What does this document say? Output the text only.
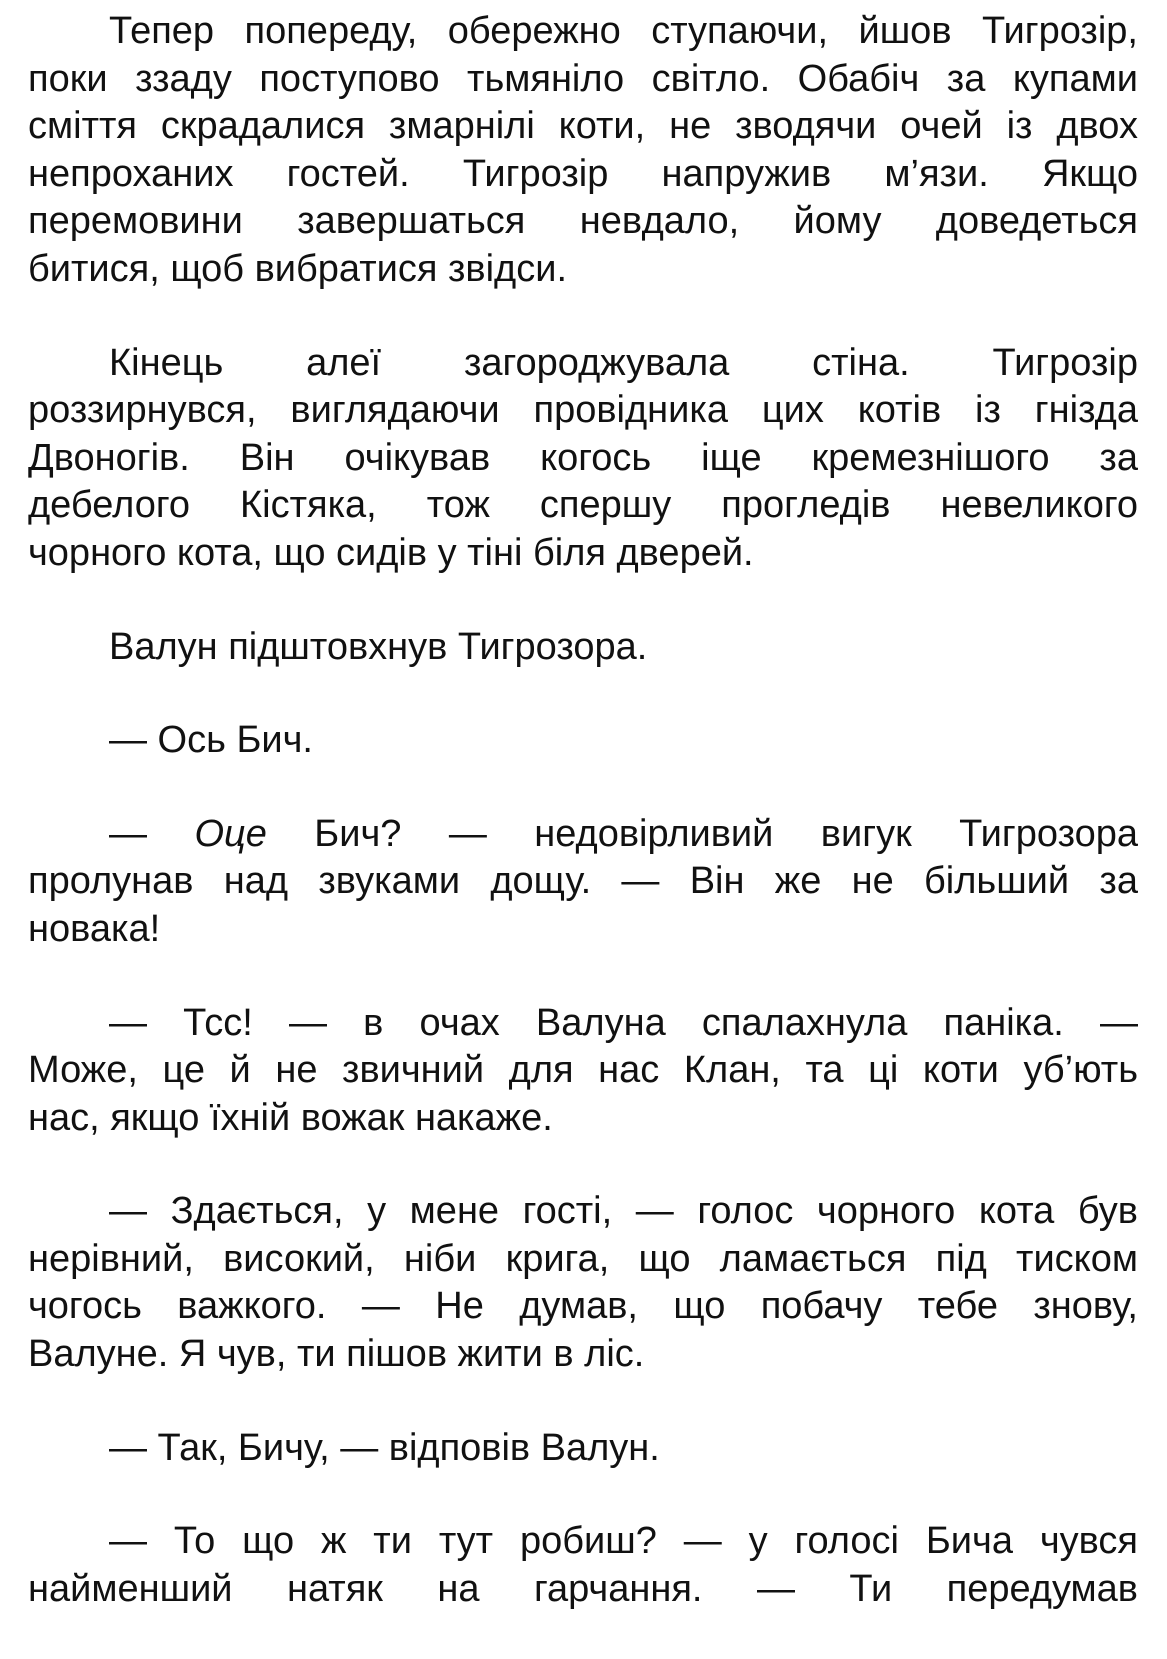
Тепер попереду, обережно ступаючи, йшов Тигрозір,
поки ззаду поступово тьмяніло світло. Обабіч за купами
сміття скрадалися змарнілі коти, не зводячи очей із двох
непроханих гостей. Тигрозір напружив м’язи. Якщо
перемовини завершаться невдало, йому доведеться
битися, щоб вибратися звідси.
Кінець алеї загороджувала стіна. Тигрозір
роззирнувся, виглядаючи провідника цих котів із гнізда
Двоногів. Він очікував когось іще кремезнішого за
дебелого Кістяка, тож спершу прогледів невеликого
чорного кота, що сидів у тіні біля дверей.
Валун підштовхнув Тигрозора.
— Ось Бич.
— Оце Бич? — недовірливий вигук Тигрозора
пролунав над звуками дощу. — Він же не більший за
новака!
— Тсс! — в очах Валуна спалахнула паніка. —
Може, це й не звичний для нас Клан, та ці коти уб’ють
нас, якщо їхній вожак накаже.
— Здається, у мене гості, — голос чорного кота був
нерівний, високий, ніби крига, що ламається під тиском
чогось важкого. — Не думав, що побачу тебе знову,
Валуне. Я чув, ти пішов жити в ліс.
— Так, Бичу, — відповів Валун.
— То що ж ти тут робиш? — у голосі Бича чувся
найменший натяк на гарчання. — Ти передумав
